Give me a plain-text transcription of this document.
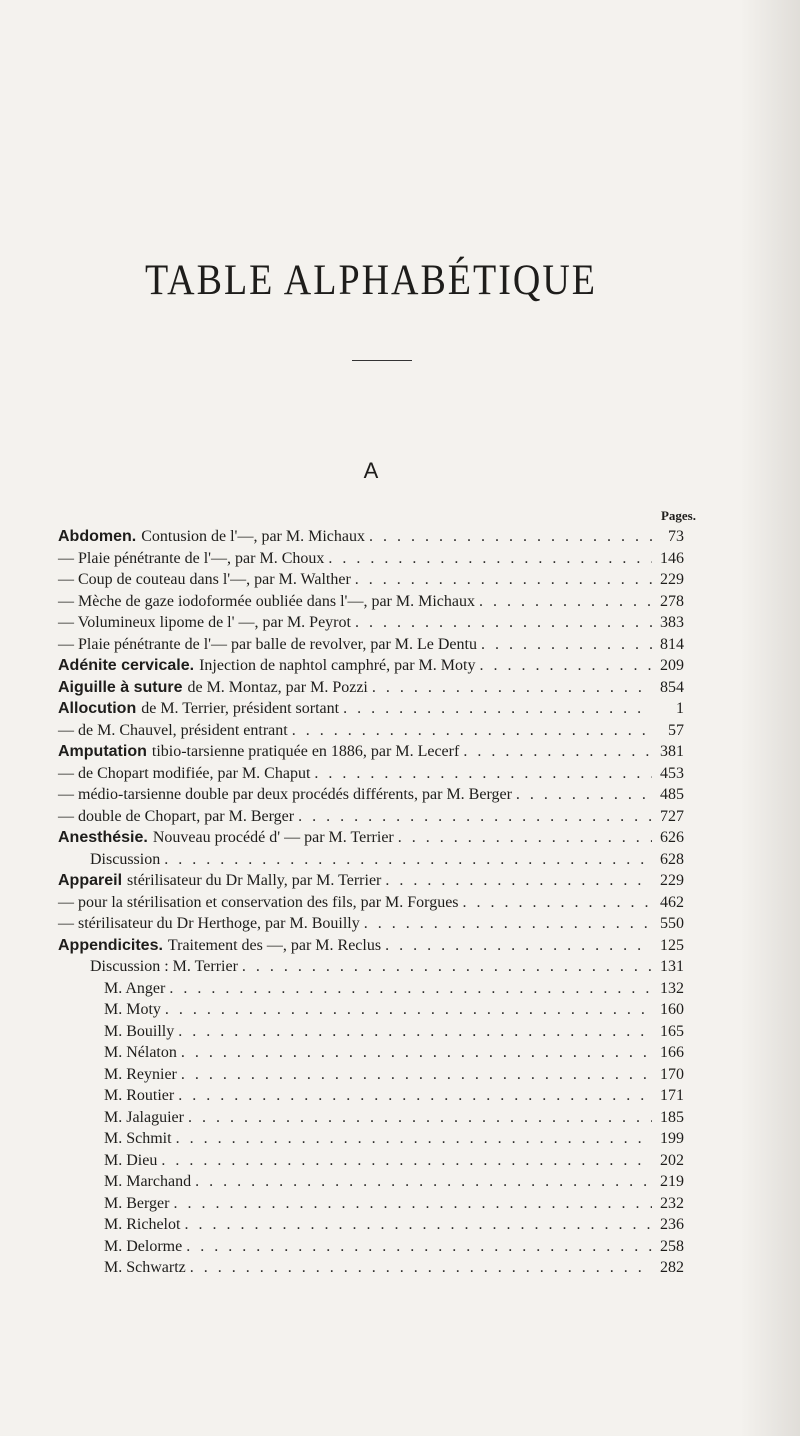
TABLE ALPHABÉTIQUE
A
Pages.
Abdomen. Contusion de l'—, par M. Michaux . . .	73
— Plaie pénétrante de l'—, par M. Choux . . .	146
— Coup de couteau dans l'—, par M. Walther . . .	229
— Mèche de gaze iodoformée oubliée dans l'—, par M. Michaux . . .	278
— Volumineux lipome de l' —, par M. Peyrot . . .	383
— Plaie pénétrante de l'— par balle de revolver, par M. Le Dentu . . .	814
Adénite cervicale. Injection de naphtol camphré, par M. Moty . . .	209
Aiguille à suture de M. Montaz, par M. Pozzi . . .	854
Allocution de M. Terrier, président sortant . . .	1
— de M. Chauvel, président entrant . . .	57
Amputation tibio-tarsienne pratiquée en 1886, par M. Lecerf . . .	381
— de Chopart modifiée, par M. Chaput . . .	453
— médio-tarsienne double par deux procédés différents, par M. Berger . . .	485
— double de Chopart, par M. Berger . . .	727
Anesthésie. Nouveau procédé d' — par M. Terrier . . .	626
Discussion . . .	628
Appareil stérilisateur du Dr Mally, par M. Terrier . . .	229
— pour la stérilisation et conservation des fils, par M. Forgues . . .	462
— stérilisateur du Dr Herthoge, par M. Bouilly . . .	550
Appendicites. Traitement des —, par M. Reclus . . .	125
Discussion : M. Terrier . . .	131
M. Anger . . .	132
M. Moty . . .	160
M. Bouilly . . .	165
M. Nélaton . . .	166
M. Reynier . . .	170
M. Routier . . .	171
M. Jalaguier . . .	185
M. Schmit . . .	199
M. Dieu . . .	202
M. Marchand . . .	219
M. Berger . . .	232
M. Richelot . . .	236
M. Delorme . . .	258
M. Schwartz . . .	282
